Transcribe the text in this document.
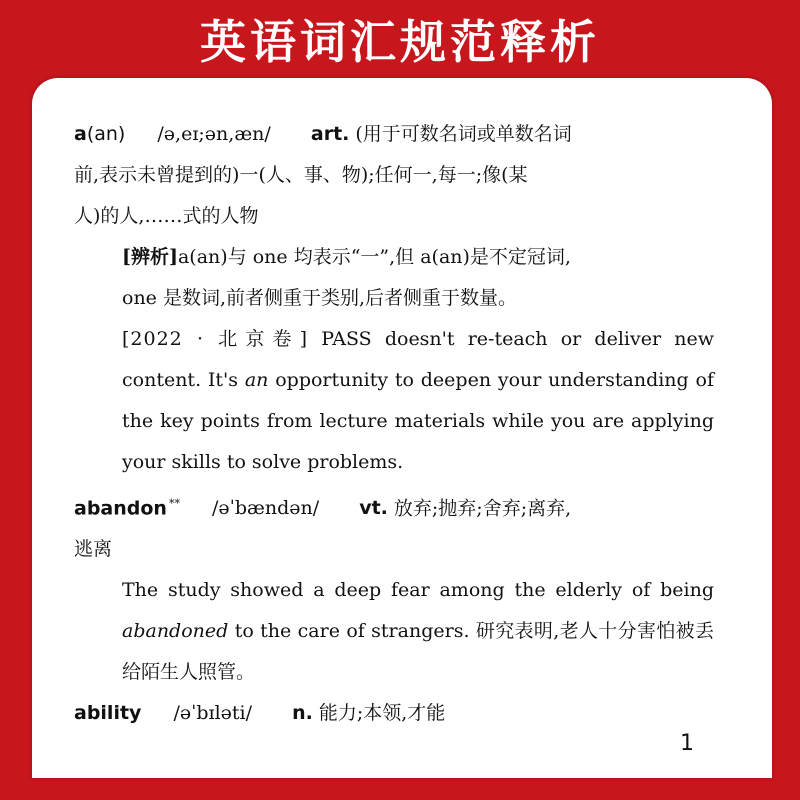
英语词汇规范释析
a(an) /ə,eɪ;ən,æn/ art. (用于可数名词或单数名词
前,表示未曾提到的)一(人、事、物);任何一,每一;像(某
人)的人,……式的人物
[辨析]a(an)与 one 均表示“一”,但 a(an)是不定冠词,
one 是数词,前者侧重于类别,后者侧重于数量。
[2022 · 北京卷] PASS doesn't re-teach or deliver new content. It's an opportunity to deepen your understanding of the key points from lecture materials while you are applying your skills to solve problems.
abandon ** /əˈbændən/ vt. 放弃;抛弃;舍弃;离弃,
逃离
The study showed a deep fear among the elderly of being abandoned to the care of strangers. 研究表明,老人十分害怕被丢给陌生人照管。
ability /əˈbɪləti/ n. 能力;本领,才能
1
